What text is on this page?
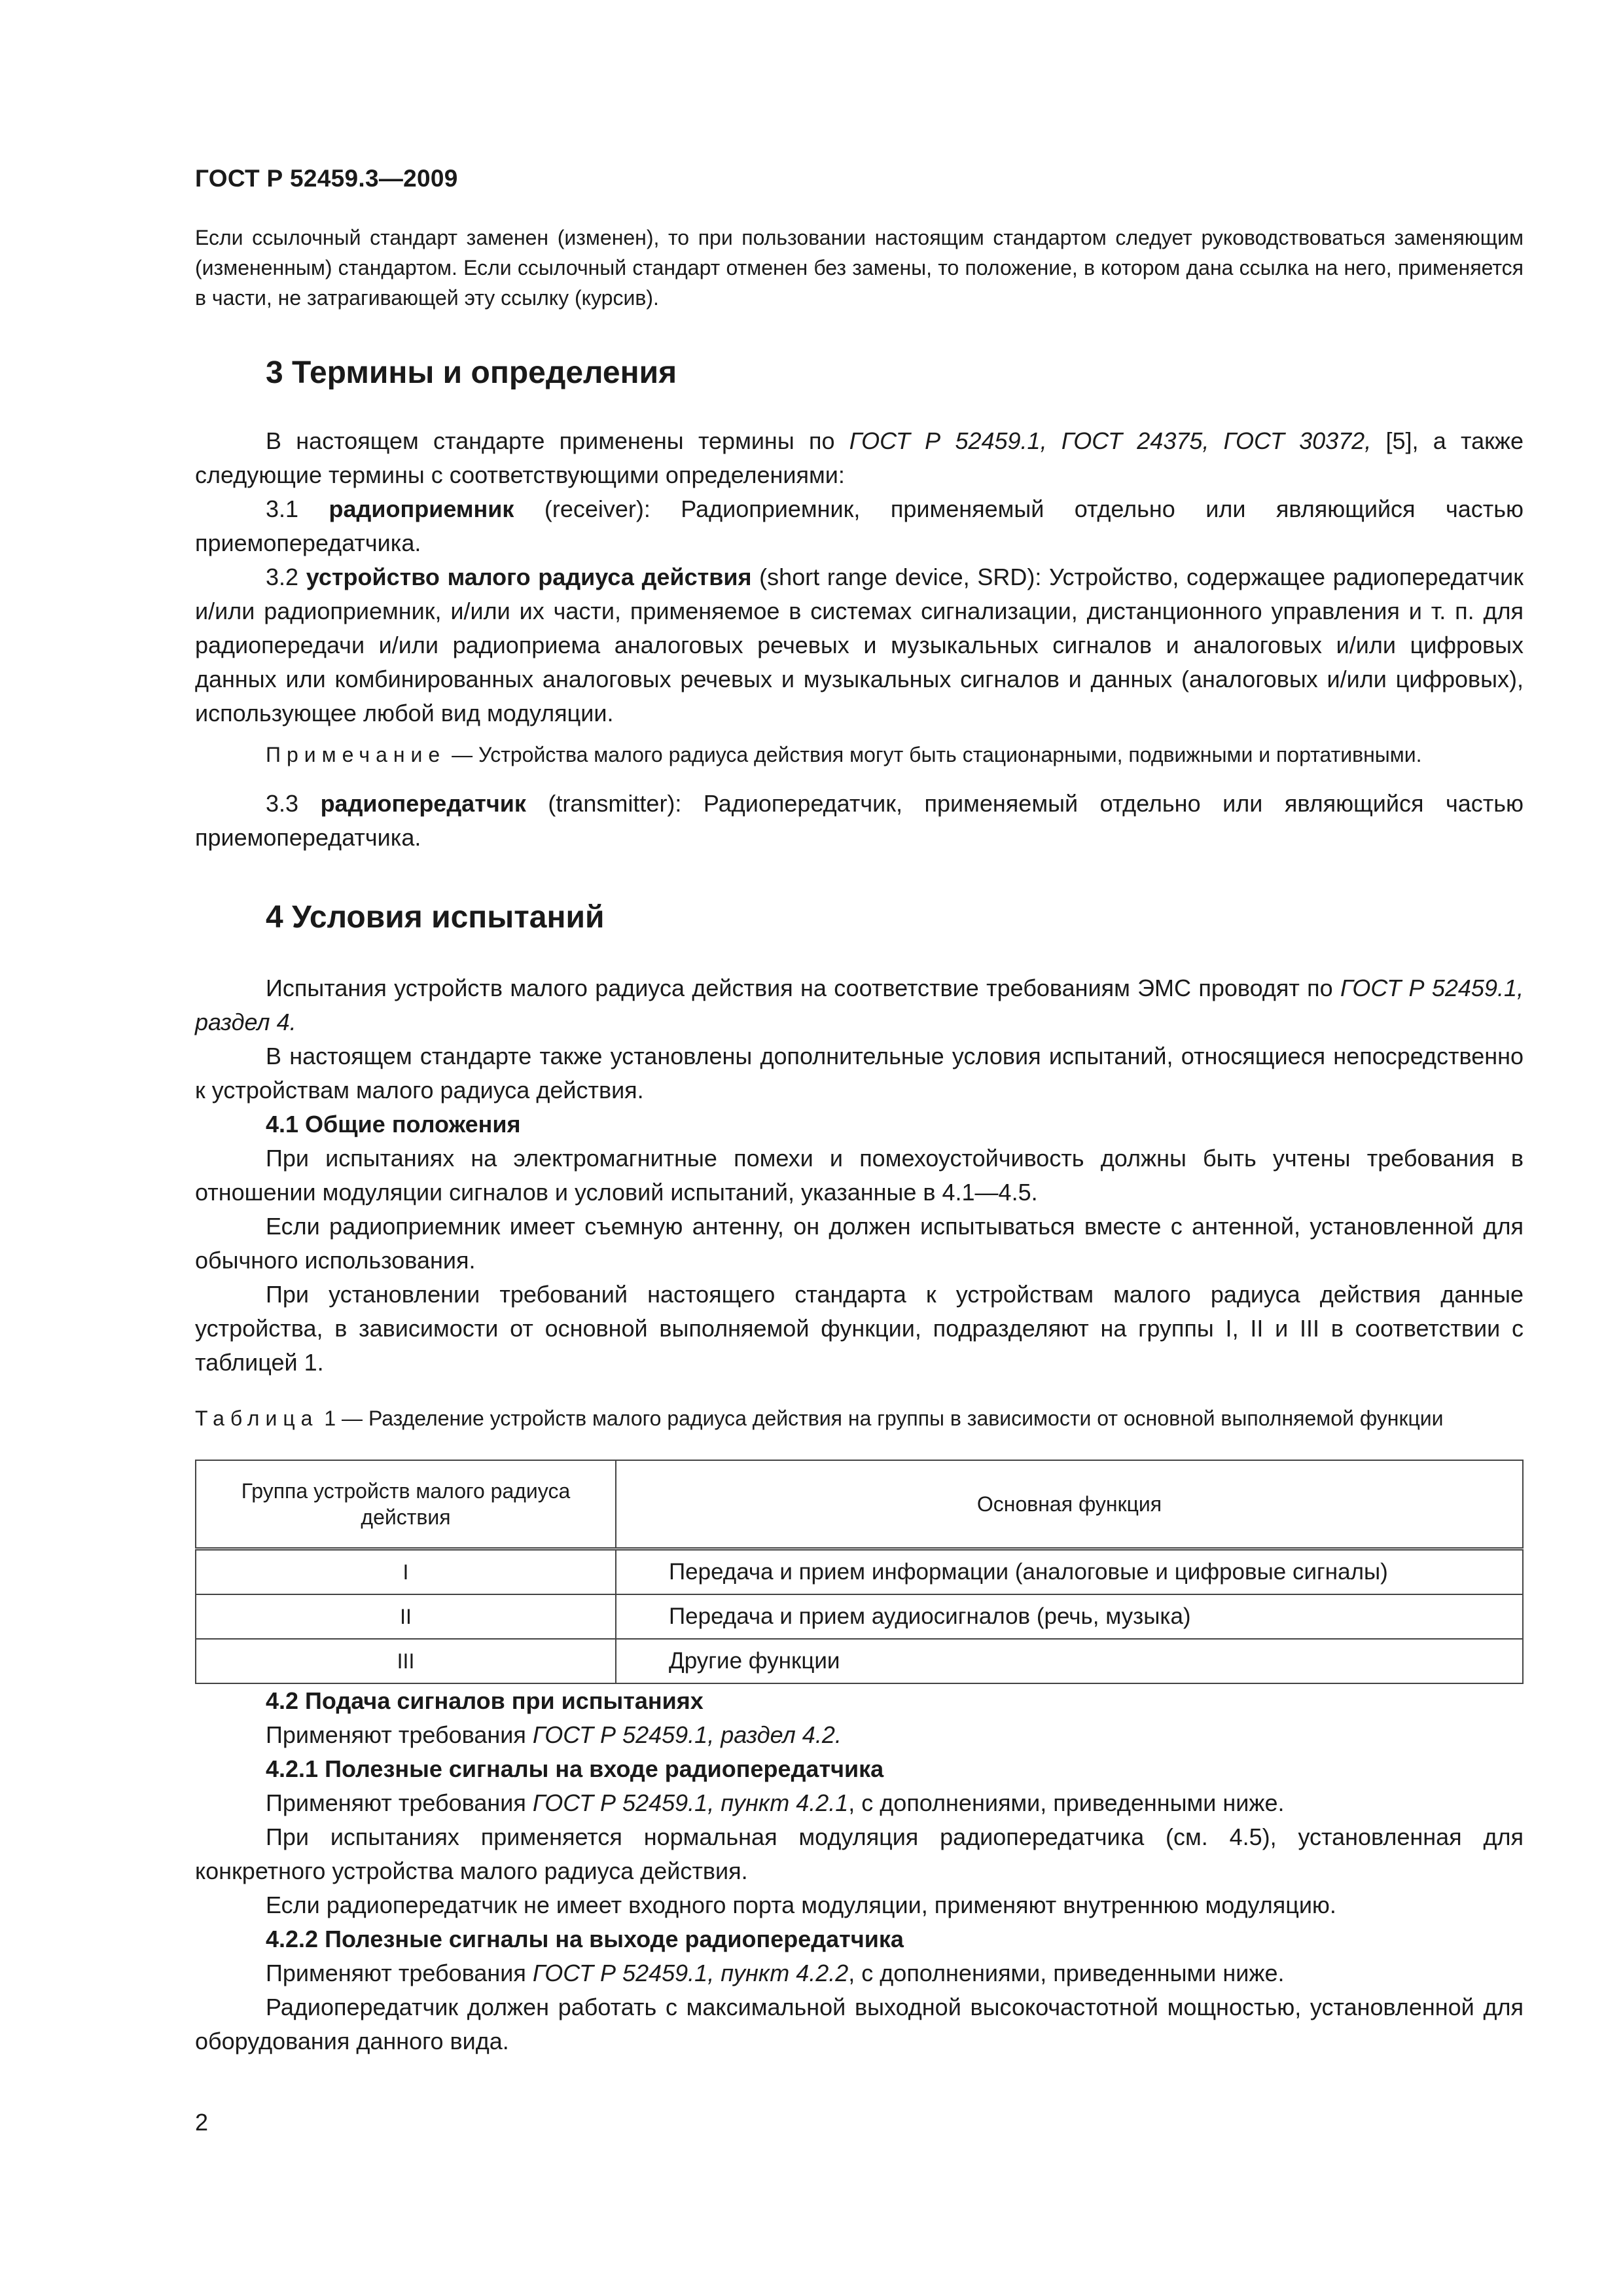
ГОСТ Р 52459.3—2009

Если ссылочный стандарт заменен (изменен), то при пользовании настоящим стандартом следует руководствоваться заменяющим (измененным) стандартом. Если ссылочный стандарт отменен без замены, то положение, в котором дана ссылка на него, применяется в части, не затрагивающей эту ссылку (курсив).

3 Термины и определения

В настоящем стандарте применены термины по ГОСТ Р 52459.1, ГОСТ 24375, ГОСТ 30372, [5], а также следующие термины с соответствующими определениями:

3.1 радиоприемник (receiver): Радиоприемник, применяемый отдельно или являющийся частью приемопередатчика.

3.2 устройство малого радиуса действия (short range device, SRD): Устройство, содержащее радиопередатчик и/или радиоприемник, и/или их части, применяемое в системах сигнализации, дистанционного управления и т. п. для радиопередачи и/или радиоприема аналоговых речевых и музыкальных сигналов и аналоговых и/или цифровых данных или комбинированных аналоговых речевых и музыкальных сигналов и данных (аналоговых и/или цифровых), использующее любой вид модуляции.

Примечание — Устройства малого радиуса действия могут быть стационарными, подвижными и портативными.

3.3 радиопередатчик (transmitter): Радиопередатчик, применяемый отдельно или являющийся частью приемопередатчика.

4 Условия испытаний

Испытания устройств малого радиуса действия на соответствие требованиям ЭМС проводят по ГОСТ Р 52459.1, раздел 4.

В настоящем стандарте также установлены дополнительные условия испытаний, относящиеся непосредственно к устройствам малого радиуса действия.

4.1 Общие положения

При испытаниях на электромагнитные помехи и помехоустойчивость должны быть учтены требования в отношении модуляции сигналов и условий испытаний, указанные в 4.1—4.5.

Если радиоприемник имеет съемную антенну, он должен испытываться вместе с антенной, установленной для обычного использования.

При установлении требований настоящего стандарта к устройствам малого радиуса действия данные устройства, в зависимости от основной выполняемой функции, подразделяют на группы I, II и III в соответствии с таблицей 1.

Таблица 1 — Разделение устройств малого радиуса действия на группы в зависимости от основной выполняемой функции

Группа устройств малого радиуса действия	Основная функция
I	Передача и прием информации (аналоговые и цифровые сигналы)
II	Передача и прием аудиосигналов (речь, музыка)
III	Другие функции

4.2 Подача сигналов при испытаниях

Применяют требования ГОСТ Р 52459.1, раздел 4.2.

4.2.1 Полезные сигналы на входе радиопередатчика

Применяют требования ГОСТ Р 52459.1, пункт 4.2.1, с дополнениями, приведенными ниже.

При испытаниях применяется нормальная модуляция радиопередатчика (см. 4.5), установленная для конкретного устройства малого радиуса действия.

Если радиопередатчик не имеет входного порта модуляции, применяют внутреннюю модуляцию.

4.2.2 Полезные сигналы на выходе радиопередатчика

Применяют требования ГОСТ Р 52459.1, пункт 4.2.2, с дополнениями, приведенными ниже.

Радиопередатчик должен работать с максимальной выходной высокочастотной мощностью, установленной для оборудования данного вида.

2
